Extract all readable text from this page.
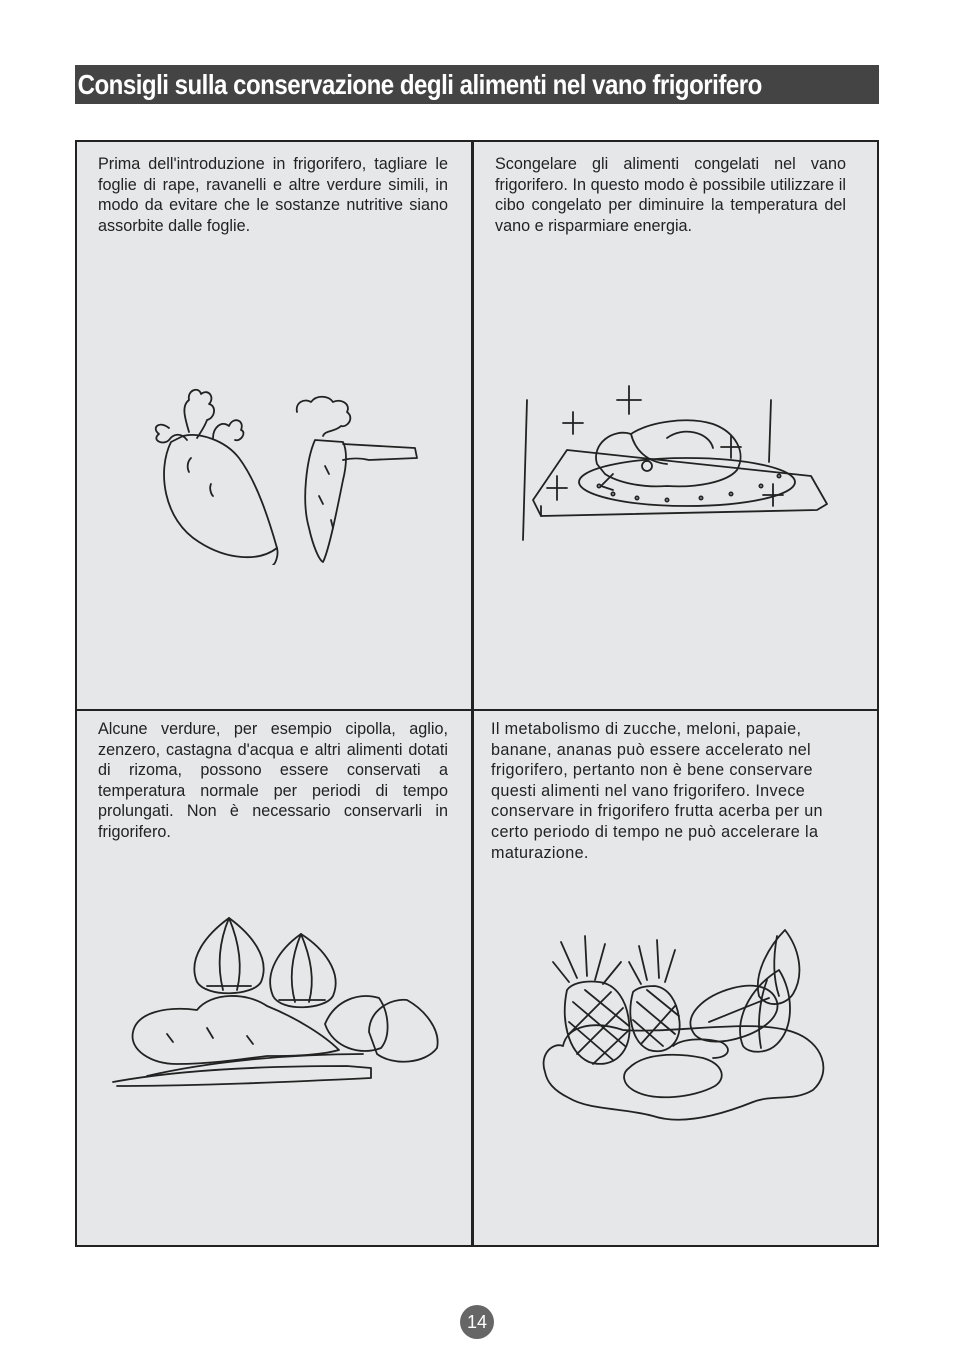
Consigli sulla conservazione degli alimenti nel vano frigorifero

Prima dell'introduzione in frigorifero, tagliare le foglie di rape, ravanelli e altre verdure simili, in modo da evitare che le sostanze nutritive siano assorbite dalle foglie.

Scongelare gli alimenti congelati nel vano frigorifero. In questo modo è possibile utilizzare il cibo congelato per diminuire la temperatura del vano e risparmiare energia.

Alcune verdure, per esempio cipolla, aglio, zenzero, castagna d'acqua e altri alimenti dotati di rizoma, possono essere conservati a temperatura normale per periodi di tempo prolungati. Non è necessario conservarli in frigorifero.

Il metabolismo di zucche, meloni, papaie, banane, ananas può essere accelerato nel frigorifero, pertanto non è bene conservare questi alimenti nel vano frigorifero. Invece conservare in frigorifero frutta acerba per un certo periodo di tempo ne può accelerare la maturazione.

14
